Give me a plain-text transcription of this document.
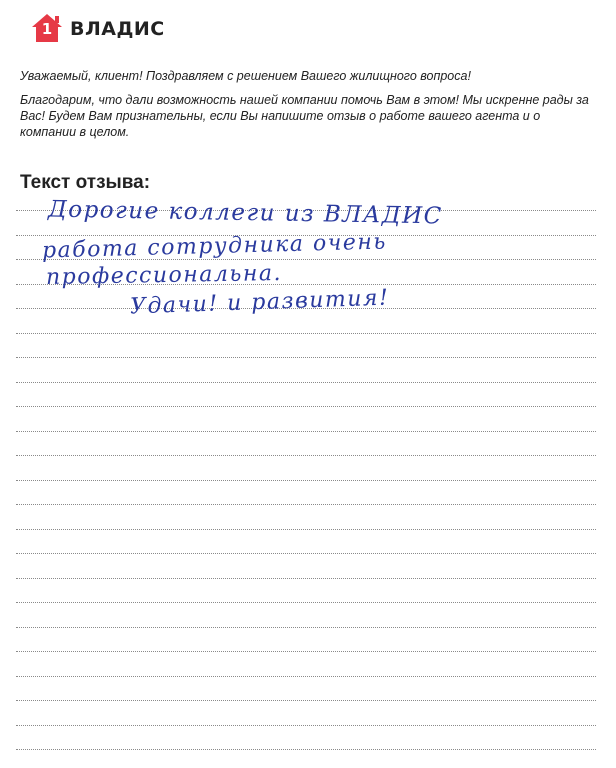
1 ВЛАДИС

Уважаемый, клиент! Поздравляем с решением Вашего жилищного вопроса!

Благодарим, что дали возможность нашей компании помочь Вам в этом! Мы искренне рады за Вас! Будем Вам признательны, если Вы напишите отзыв о работе вашего агента и о компании в целом.

Текст отзыва:
Дорогие коллеги из ВЛАДИС
работа сотрудника очень
профессиональна.
Удачи! и развития!
